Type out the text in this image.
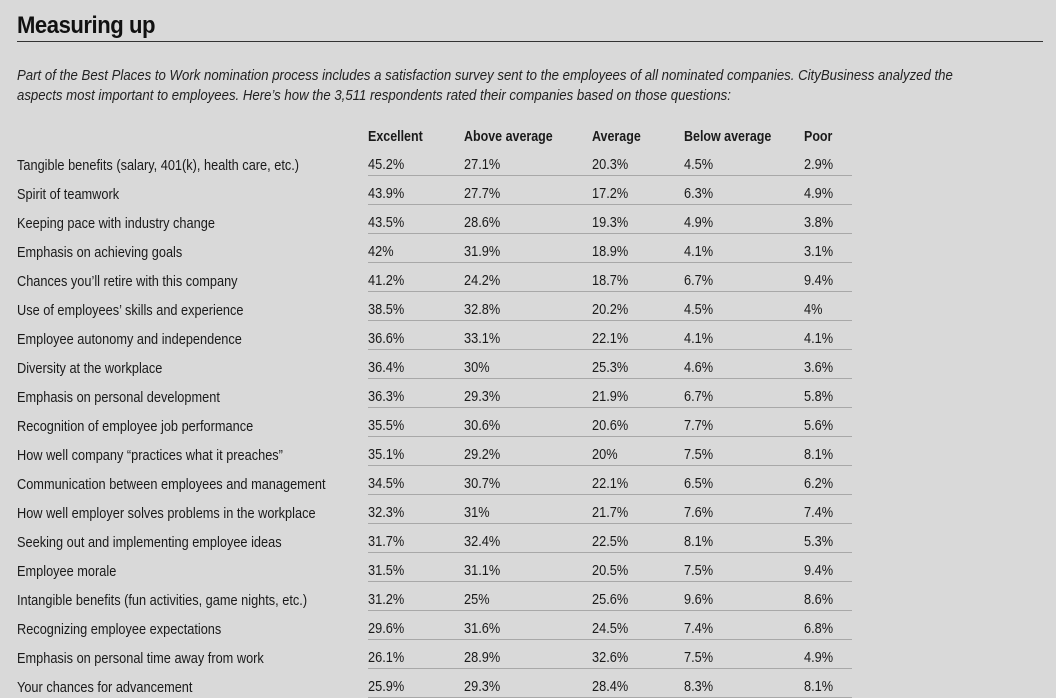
Measuring up
Part of the Best Places to Work nomination process includes a satisfaction survey sent to the employees of all nominated companies. CityBusiness analyzed the
aspects most important to employees. Here’s how the 3,511 respondents rated their companies based on those questions:
	Excellent	Above average	Average	Below average	Poor
Tangible benefits (salary, 401(k), health care, etc.)	45.2%	27.1%	20.3%	4.5%	2.9%
Spirit of teamwork	43.9%	27.7%	17.2%	6.3%	4.9%
Keeping pace with industry change	43.5%	28.6%	19.3%	4.9%	3.8%
Emphasis on achieving goals	42%	31.9%	18.9%	4.1%	3.1%
Chances you’ll retire with this company	41.2%	24.2%	18.7%	6.7%	9.4%
Use of employees’ skills and experience	38.5%	32.8%	20.2%	4.5%	4%
Employee autonomy and independence	36.6%	33.1%	22.1%	4.1%	4.1%
Diversity at the workplace	36.4%	30%	25.3%	4.6%	3.6%
Emphasis on personal development	36.3%	29.3%	21.9%	6.7%	5.8%
Recognition of employee job performance	35.5%	30.6%	20.6%	7.7%	5.6%
How well company “practices what it preaches”	35.1%	29.2%	20%	7.5%	8.1%
Communication between employees and management	34.5%	30.7%	22.1%	6.5%	6.2%
How well employer solves problems in the workplace	32.3%	31%	21.7%	7.6%	7.4%
Seeking out and implementing employee ideas	31.7%	32.4%	22.5%	8.1%	5.3%
Employee morale	31.5%	31.1%	20.5%	7.5%	9.4%
Intangible benefits (fun activities, game nights, etc.)	31.2%	25%	25.6%	9.6%	8.6%
Recognizing employee expectations	29.6%	31.6%	24.5%	7.4%	6.8%
Emphasis on personal time away from work	26.1%	28.9%	32.6%	7.5%	4.9%
Your chances for advancement	25.9%	29.3%	28.4%	8.3%	8.1%
